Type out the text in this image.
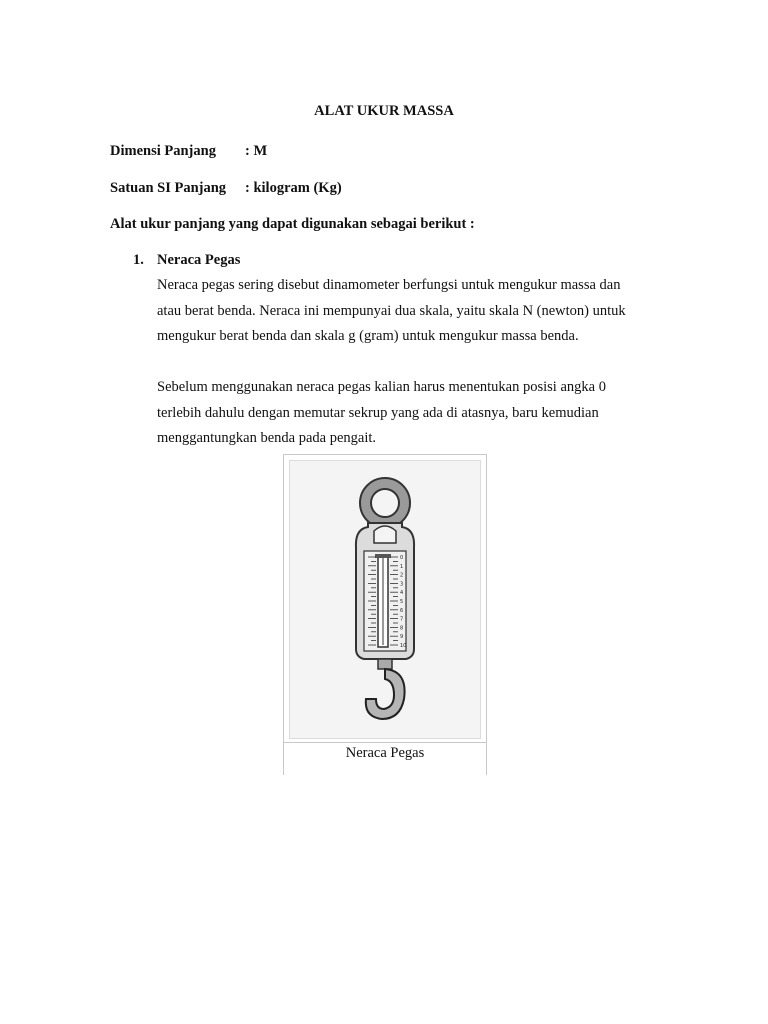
ALAT UKUR MASSA
Dimensi Panjang : M
Satuan SI Panjang : kilogram (Kg)
Alat ukur panjang yang dapat digunakan sebagai berikut :
1. Neraca Pegas
Neraca pegas sering disebut dinamometer berfungsi untuk mengukur massa dan
atau berat benda. Neraca ini mempunyai dua skala, yaitu skala N (newton) untuk
mengukur berat benda dan skala g (gram) untuk mengukur massa benda.
Sebelum menggunakan neraca pegas kalian harus menentukan posisi angka 0
terlebih dahulu dengan memutar sekrup yang ada di atasnya, baru kemudian
menggantungkan benda pada pengait.
0
1
2
3
4
5
6
7
8
9
10
Neraca Pegas
